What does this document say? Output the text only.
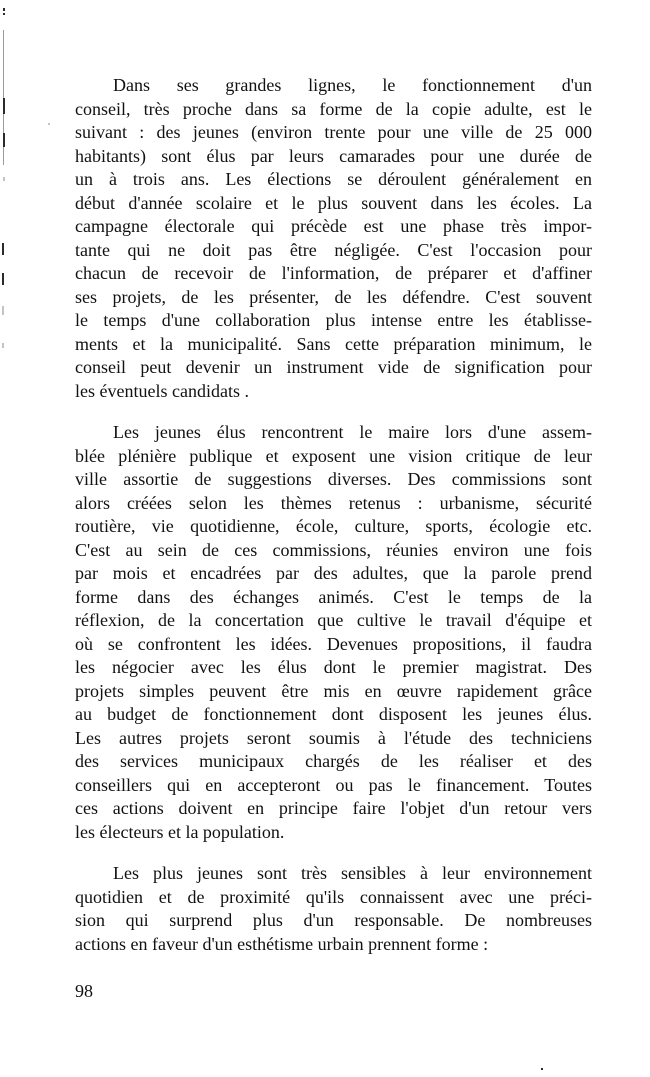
Dans ses grandes lignes, le fonctionnement d'un
conseil, très proche dans sa forme de la copie adulte, est le
suivant : des jeunes (environ trente pour une ville de 25 000
habitants) sont élus par leurs camarades pour une durée de
un à trois ans. Les élections se déroulent généralement en
début d'année scolaire et le plus souvent dans les écoles. La
campagne électorale qui précède est une phase très impor-
tante qui ne doit pas être négligée. C'est l'occasion pour
chacun de recevoir de l'information, de préparer et d'affiner
ses projets, de les présenter, de les défendre. C'est souvent
le temps d'une collaboration plus intense entre les établisse-
ments et la municipalité. Sans cette préparation minimum, le
conseil peut devenir un instrument vide de signification pour
les éventuels candidats .

Les jeunes élus rencontrent le maire lors d'une assem-
blée plénière publique et exposent une vision critique de leur
ville assortie de suggestions diverses. Des commissions sont
alors créées selon les thèmes retenus : urbanisme, sécurité
routière, vie quotidienne, école, culture, sports, écologie etc.
C'est au sein de ces commissions, réunies environ une fois
par mois et encadrées par des adultes, que la parole prend
forme dans des échanges animés. C'est le temps de la
réflexion, de la concertation que cultive le travail d'équipe et
où se confrontent les idées. Devenues propositions, il faudra
les négocier avec les élus dont le premier magistrat. Des
projets simples peuvent être mis en œuvre rapidement grâce
au budget de fonctionnement dont disposent les jeunes élus.
Les autres projets seront soumis à l'étude des techniciens
des services municipaux chargés de les réaliser et des
conseillers qui en accepteront ou pas le financement. Toutes
ces actions doivent en principe faire l'objet d'un retour vers
les électeurs et la population.

Les plus jeunes sont très sensibles à leur environnement
quotidien et de proximité qu'ils connaissent avec une préci-
sion qui surprend plus d'un responsable. De nombreuses
actions en faveur d'un esthétisme urbain prennent forme :

98
